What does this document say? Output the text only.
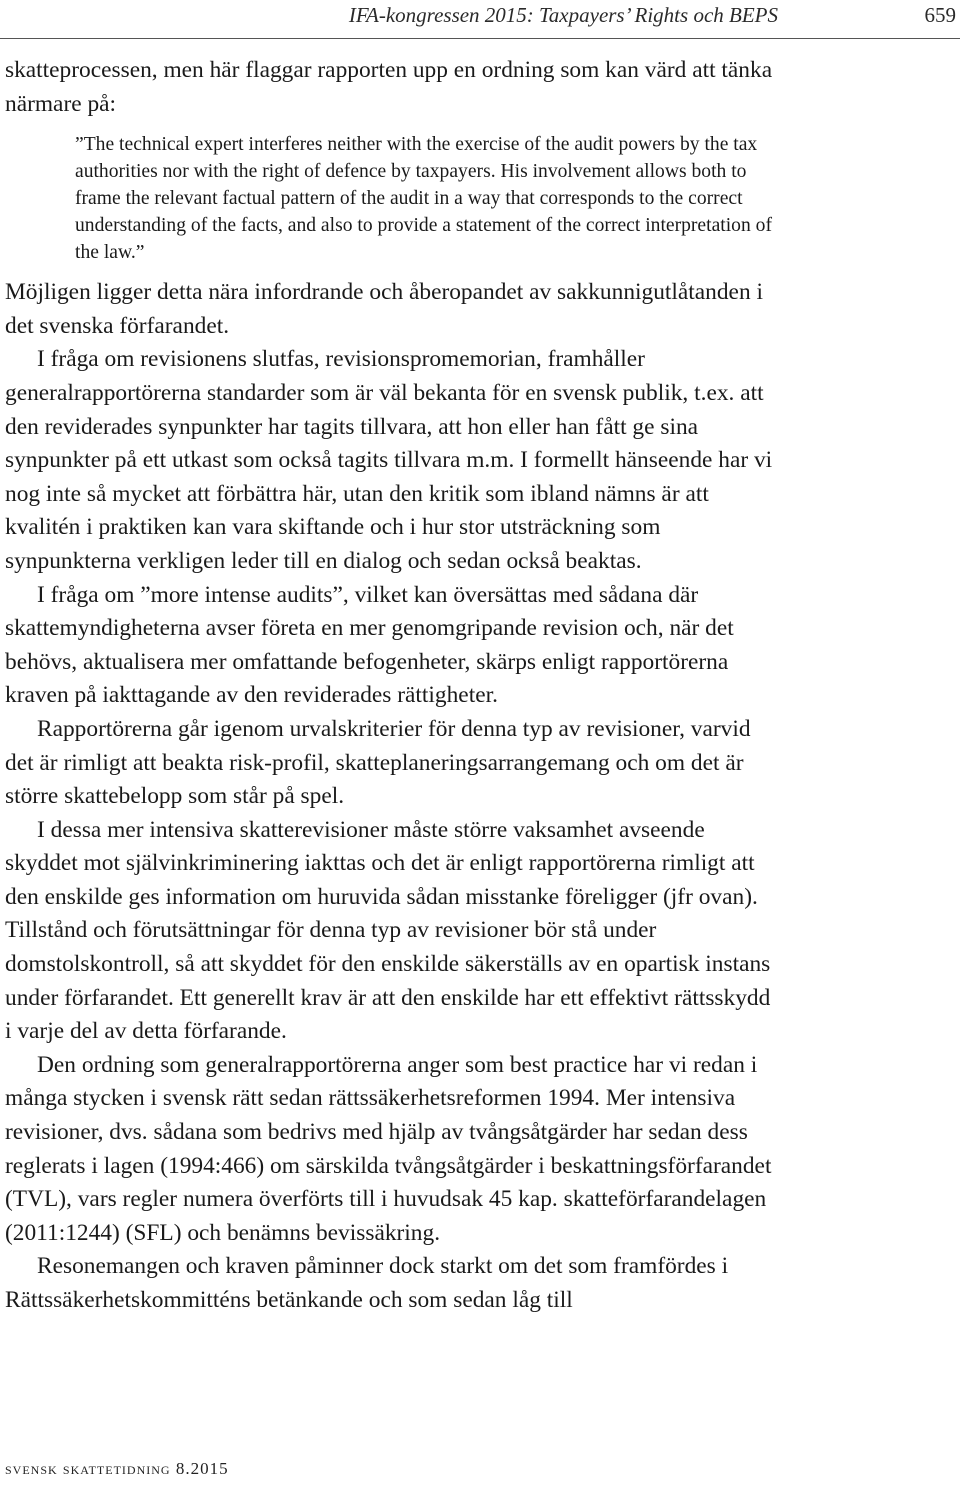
IFA-kongressen 2015: Taxpayers’ Rights och BEPS	659

skatteprocessen, men här flaggar rapporten upp en ordning som kan värd att tänka närmare på:

”The technical expert interferes neither with the exercise of the audit powers by the tax authorities nor with the right of defence by taxpayers. His involvement allows both to frame the relevant factual pattern of the audit in a way that corresponds to the correct understanding of the facts, and also to provide a statement of the correct interpretation of the law.”

Möjligen ligger detta nära infordrande och åberopandet av sakkunnigutlåtanden i det svenska förfarandet.

I fråga om revisionens slutfas, revisionspromemorian, framhåller generalrapportörerna standarder som är väl bekanta för en svensk publik, t.ex. att den reviderades synpunkter har tagits tillvara, att hon eller han fått ge sina synpunkter på ett utkast som också tagits tillvara m.m. I formellt hänseende har vi nog inte så mycket att förbättra här, utan den kritik som ibland nämns är att kvalitén i praktiken kan vara skiftande och i hur stor utsträckning som synpunkterna verkligen leder till en dialog och sedan också beaktas.

I fråga om ”more intense audits”, vilket kan översättas med sådana där skattemyndigheterna avser företa en mer genomgripande revision och, när det behövs, aktualisera mer omfattande befogenheter, skärps enligt rapportörerna kraven på iakttagande av den reviderades rättigheter.

Rapportörerna går igenom urvalskriterier för denna typ av revisioner, varvid det är rimligt att beakta risk-profil, skatteplaneringsarrangemang och om det är större skattebelopp som står på spel.

I dessa mer intensiva skatterevisioner måste större vaksamhet avseende skyddet mot självinkriminering iakttas och det är enligt rapportörerna rimligt att den enskilde ges information om huruvida sådan misstanke föreligger (jfr ovan). Tillstånd och förutsättningar för denna typ av revisioner bör stå under domstolskontroll, så att skyddet för den enskilde säkerställs av en opartisk instans under förfarandet. Ett generellt krav är att den enskilde har ett effektivt rättsskydd i varje del av detta förfarande.

Den ordning som generalrapportörerna anger som best practice har vi redan i många stycken i svensk rätt sedan rättssäkerhetsreformen 1994. Mer intensiva revisioner, dvs. sådana som bedrivs med hjälp av tvångsåtgärder har sedan dess reglerats i lagen (1994:466) om särskilda tvångsåtgärder i beskattningsförfarandet (TVL), vars regler numera överförts till i huvudsak 45 kap. skatteförfarandelagen (2011:1244) (SFL) och benämns bevissäkring.

Resonemangen och kraven påminner dock starkt om det som framfördes i Rättssäkerhetskommitténs betänkande och som sedan låg till

svensk skattetidning 8.2015
